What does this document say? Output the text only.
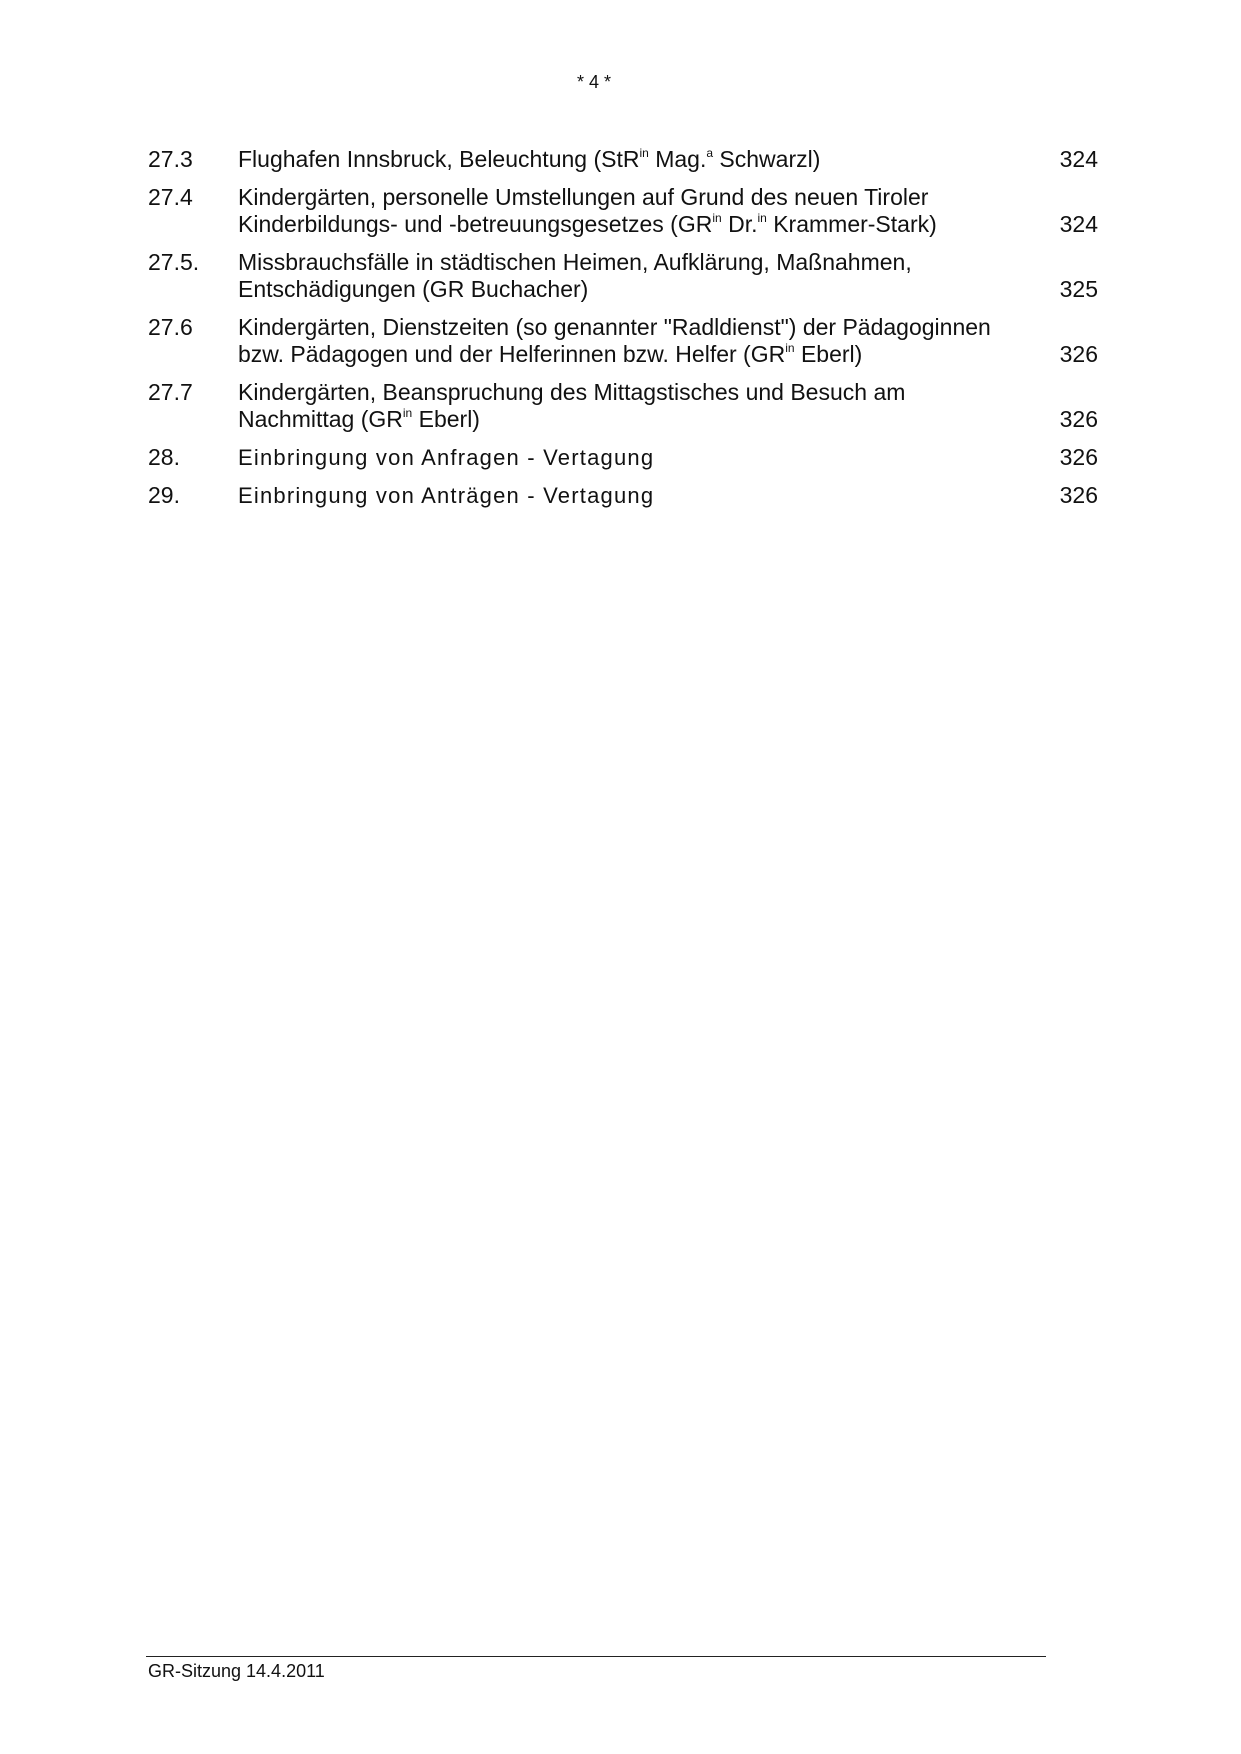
* 4 *
27.3 Flughafen Innsbruck, Beleuchtung (StR$^{in}$ Mag.$^a$ Schwarzl)	324
27.4 Kindergärten, personelle Umstellungen auf Grund des neuen Tiroler
Kinderbildungs- und -betreuungsgesetzes ($GR^{in}$ Dr.$^{in}$ Krammer-Stark)	324
27.5. Missbrauchsfälle in städtischen Heimen, Aufklärung, Maßnahmen,
Entschädigungen (GR Buchacher)	325
27.6 Kindergärten, Dienstzeiten (so genannter "Radldienst") der Pädagoginnen
bzw. Pädagogen und der Helferinnen bzw. Helfer ($GR^{in}$ Eberl)	326
27.7 Kindergärten, Beanspruchung des Mittagstisches und Besuch am
Nachmittag ($GR^{in}$ Eberl)	326
28.	Einbringung von Anfragen - Vertagung	326
29.	Einbringung von Anträgen - Vertagung	326
GR-Sitzung 14.4.2011
